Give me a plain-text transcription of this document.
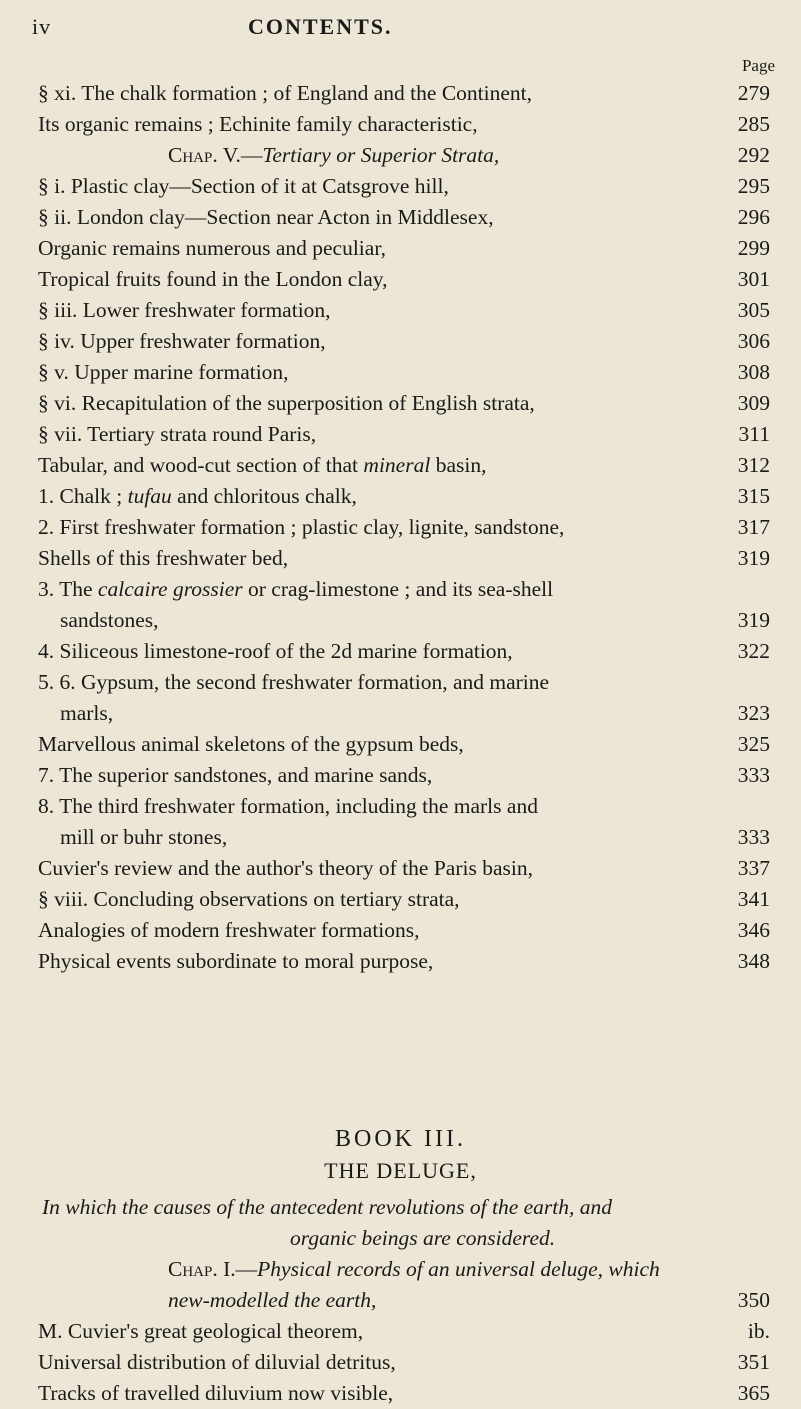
iv	CONTENTS.
Page
§ xi. The chalk formation ; of England and the Continent,	279
Its organic remains ; Echinite family characteristic,	285
Chap. V.—Tertiary or Superior Strata,	292
§ i. Plastic clay—Section of it at Catsgrove hill,	295
§ ii. London clay—Section near Acton in Middlesex,	296
Organic remains numerous and peculiar,	299
Tropical fruits found in the London clay,	301
§ iii. Lower freshwater formation,	305
§ iv. Upper freshwater formation,	306
§ v. Upper marine formation,	308
§ vi. Recapitulation of the superposition of English strata,	309
§ vii. Tertiary strata round Paris,	311
Tabular, and wood-cut section of that mineral basin,	312
1. Chalk ; tufau and chloritous chalk,	315
2. First freshwater formation ; plastic clay, lignite, sandstone,	317
Shells of this freshwater bed,	319
3. The calcaire grossier or crag-limestone ; and its sea-shell
sandstones,	319
4. Siliceous limestone-roof of the 2d marine formation,	322
5. 6. Gypsum, the second freshwater formation, and marine
marls,	323
Marvellous animal skeletons of the gypsum beds,	325
7. The superior sandstones, and marine sands,	333
8. The third freshwater formation, including the marls and
mill or buhr stones,	333
Cuvier's review and the author's theory of the Paris basin,	337
§ viii. Concluding observations on tertiary strata,	341
Analogies of modern freshwater formations,	346
Physical events subordinate to moral purpose,	348
BOOK III.
THE DELUGE,
In which the causes of the antecedent revolutions of the earth, and
organic beings are considered.
Chap. I.—Physical records of an universal deluge, which
new-modelled the earth,	350
M. Cuvier's great geological theorem,	ib.
Universal distribution of diluvial detritus,	351
Tracks of travelled diluvium now visible,	365
